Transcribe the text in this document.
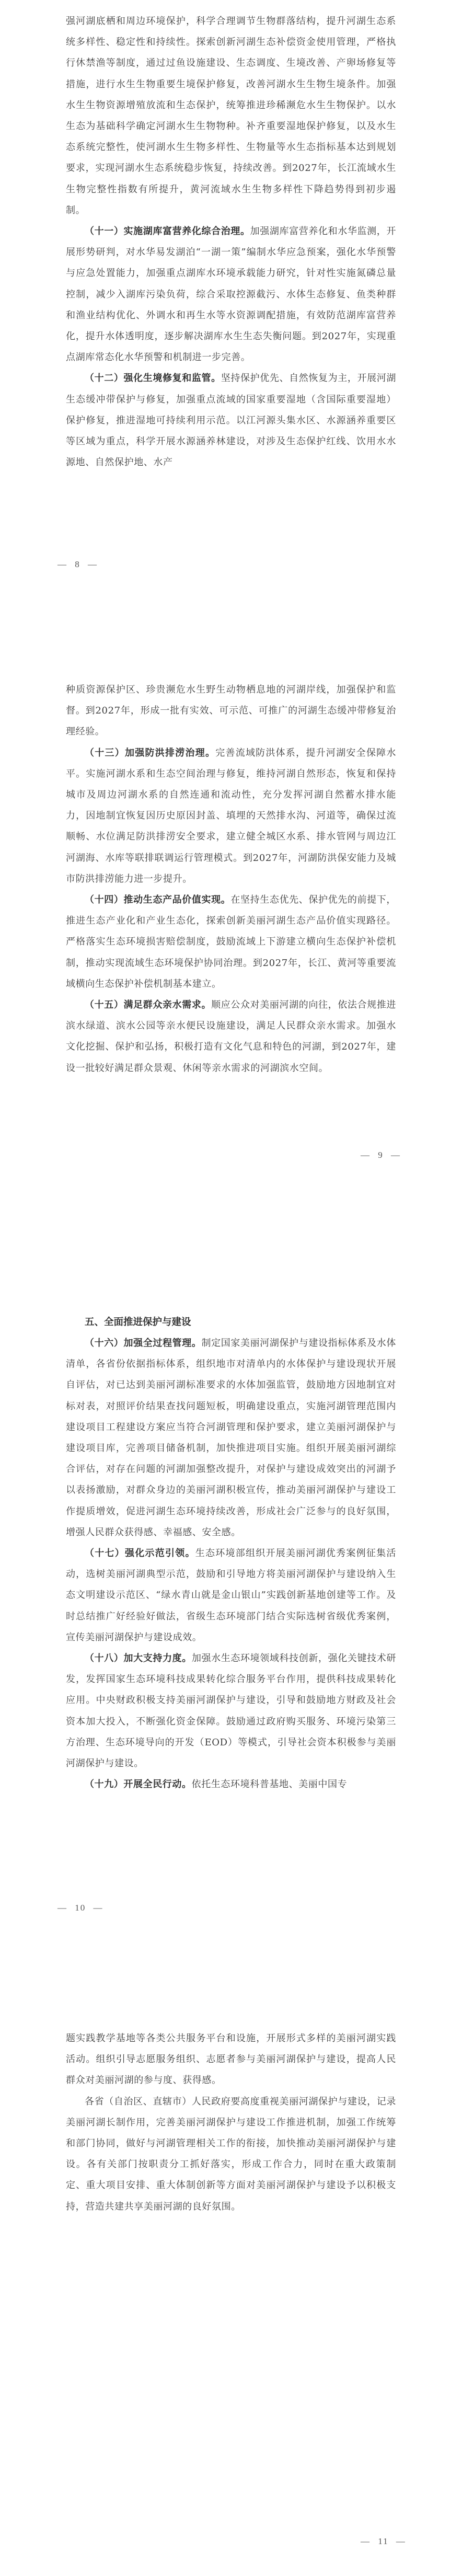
强河湖底栖和周边环境保护，科学合理调节生物群落结构，提升河湖生态系统多样性、稳定性和持续性。探索创新河湖生态补偿资金使用管理，严格执行休禁渔等制度，通过过鱼设施建设、生态调度、生境改善、产卵场修复等措施，进行水生生物重要生境保护修复，改善河湖水生生物生境条件。加强水生生物资源增殖放流和生态保护，统筹推进珍稀濒危水生生物保护。以水生态为基础科学确定河湖水生生物物种。补齐重要湿地保护修复，以及水生态系统完整性，使河湖水生生物多样性、生物量等水生态指标基本达到规划要求，实现河湖水生态系统稳步恢复，持续改善。到2027年，长江流域水生生物完整性指数有所提升，黄河流域水生生物多样性下降趋势得到初步遏制。

（十一）实施湖库富营养化综合治理。加强湖库富营养化和水华监测，开展形势研判，对水华易发湖泊“一湖一策”编制水华应急预案，强化水华预警与应急处置能力，加强重点湖库水环境承载能力研究，针对性实施氮磷总量控制，减少入湖库污染负荷，综合采取控源截污、水体生态修复、鱼类种群和渔业结构优化、外调水和再生水等水资源调配措施，有效防范湖库富营养化，提升水体透明度，逐步解决湖库水生生态失衡问题。到2027年，实现重点湖库常态化水华预警和机制进一步完善。

（十二）强化生境修复和监管。坚持保护优先、自然恢复为主，开展河湖生态缓冲带保护与修复，加强重点流域的国家重要湿地（含国际重要湿地）保护修复，推进湿地可持续利用示范。以江河源头集水区、水源涵养重要区等区域为重点，科学开展水源涵养林建设，对涉及生态保护红线、饮用水水源地、自然保护地、水产

— 8 —

种质资源保护区、珍贵濒危水生野生动物栖息地的河湖岸线，加强保护和监督。到2027年，形成一批有实效、可示范、可推广的河湖生态缓冲带修复治理经验。

（十三）加强防洪排涝治理。完善流域防洪体系，提升河湖安全保障水平。实施河湖水系和生态空间治理与修复，维持河湖自然形态，恢复和保持城市及周边河湖水系的自然连通和流动性，充分发挥河湖自然蓄水排水能力，因地制宜恢复因历史原因封盖、填埋的天然排水沟、河道等，确保过流顺畅、水位满足防洪排涝安全要求，建立健全城区水系、排水管网与周边江河湖海、水库等联排联调运行管理模式。到2027年，河湖防洪保安能力及城市防洪排涝能力进一步提升。

（十四）推动生态产品价值实现。在坚持生态优先、保护优先的前提下，推进生态产业化和产业生态化，探索创新美丽河湖生态产品价值实现路径。严格落实生态环境损害赔偿制度，鼓励流域上下游建立横向生态保护补偿机制，推动实现流域生态环境保护协同治理。到2027年，长江、黄河等重要流域横向生态保护补偿机制基本建立。

（十五）满足群众亲水需求。顺应公众对美丽河湖的向往，依法合规推进滨水绿道、滨水公园等亲水便民设施建设，满足人民群众亲水需求。加强水文化挖掘、保护和弘扬，积极打造有文化气息和特色的河湖，到2027年，建设一批较好满足群众景观、休闲等亲水需求的河湖滨水空间。

— 9 —
五、全面推进保护与建设

（十六）加强全过程管理。制定国家美丽河湖保护与建设指标体系及水体清单，各省份依据指标体系，组织地市对清单内的水体保护与建设现状开展自评估，对已达到美丽河湖标准要求的水体加强监管，鼓励地方因地制宜对标对表，对照评价结果查找问题短板，明确建设重点，实施河湖管理范围内建设项目工程建设方案应当符合河湖管理和保护要求，建立美丽河湖保护与建设项目库，完善项目储备机制，加快推进项目实施。组织开展美丽河湖综合评估，对存在问题的河湖加强整改提升，对保护与建设成效突出的河湖予以表扬激励，对群众身边的美丽河湖积极宣传，推动美丽河湖保护与建设工作提质增效，促进河湖生态环境持续改善，形成社会广泛参与的良好氛围，增强人民群众获得感、幸福感、安全感。

（十七）强化示范引领。生态环境部组织开展美丽河湖优秀案例征集活动，选树美丽河湖典型示范，鼓励和引导地方将美丽河湖保护与建设纳入生态文明建设示范区、“绿水青山就是金山银山”实践创新基地创建等工作。及时总结推广好经验好做法，省级生态环境部门结合实际选树省级优秀案例，宣传美丽河湖保护与建设成效。

（十八）加大支持力度。加强水生态环境领域科技创新，强化关键技术研发，发挥国家生态环境科技成果转化综合服务平台作用，提供科技成果转化应用。中央财政积极支持美丽河湖保护与建设，引导和鼓励地方财政及社会资本加大投入，不断强化资金保障。鼓励通过政府购买服务、环境污染第三方治理、生态环境导向的开发（EOD）等模式，引导社会资本积极参与美丽河湖保护与建设。

（十九）开展全民行动。依托生态环境科普基地、美丽中国专

— 10 —

题实践教学基地等各类公共服务平台和设施，开展形式多样的美丽河湖实践活动。组织引导志愿服务组织、志愿者参与美丽河湖保护与建设，提高人民群众对美丽河湖的参与度、获得感。

各省（自治区、直辖市）人民政府要高度重视美丽河湖保护与建设，记录美丽河湖长制作用，完善美丽河湖保护与建设工作推进机制，加强工作统筹和部门协同，做好与河湖管理相关工作的衔接，加快推动美丽河湖保护与建设。各有关部门按职责分工抓好落实，形成工作合力，同时在重大政策制定、重大项目安排、重大体制创新等方面对美丽河湖保护与建设予以积极支持，营造共建共享美丽河湖的良好氛围。

— 11 —
